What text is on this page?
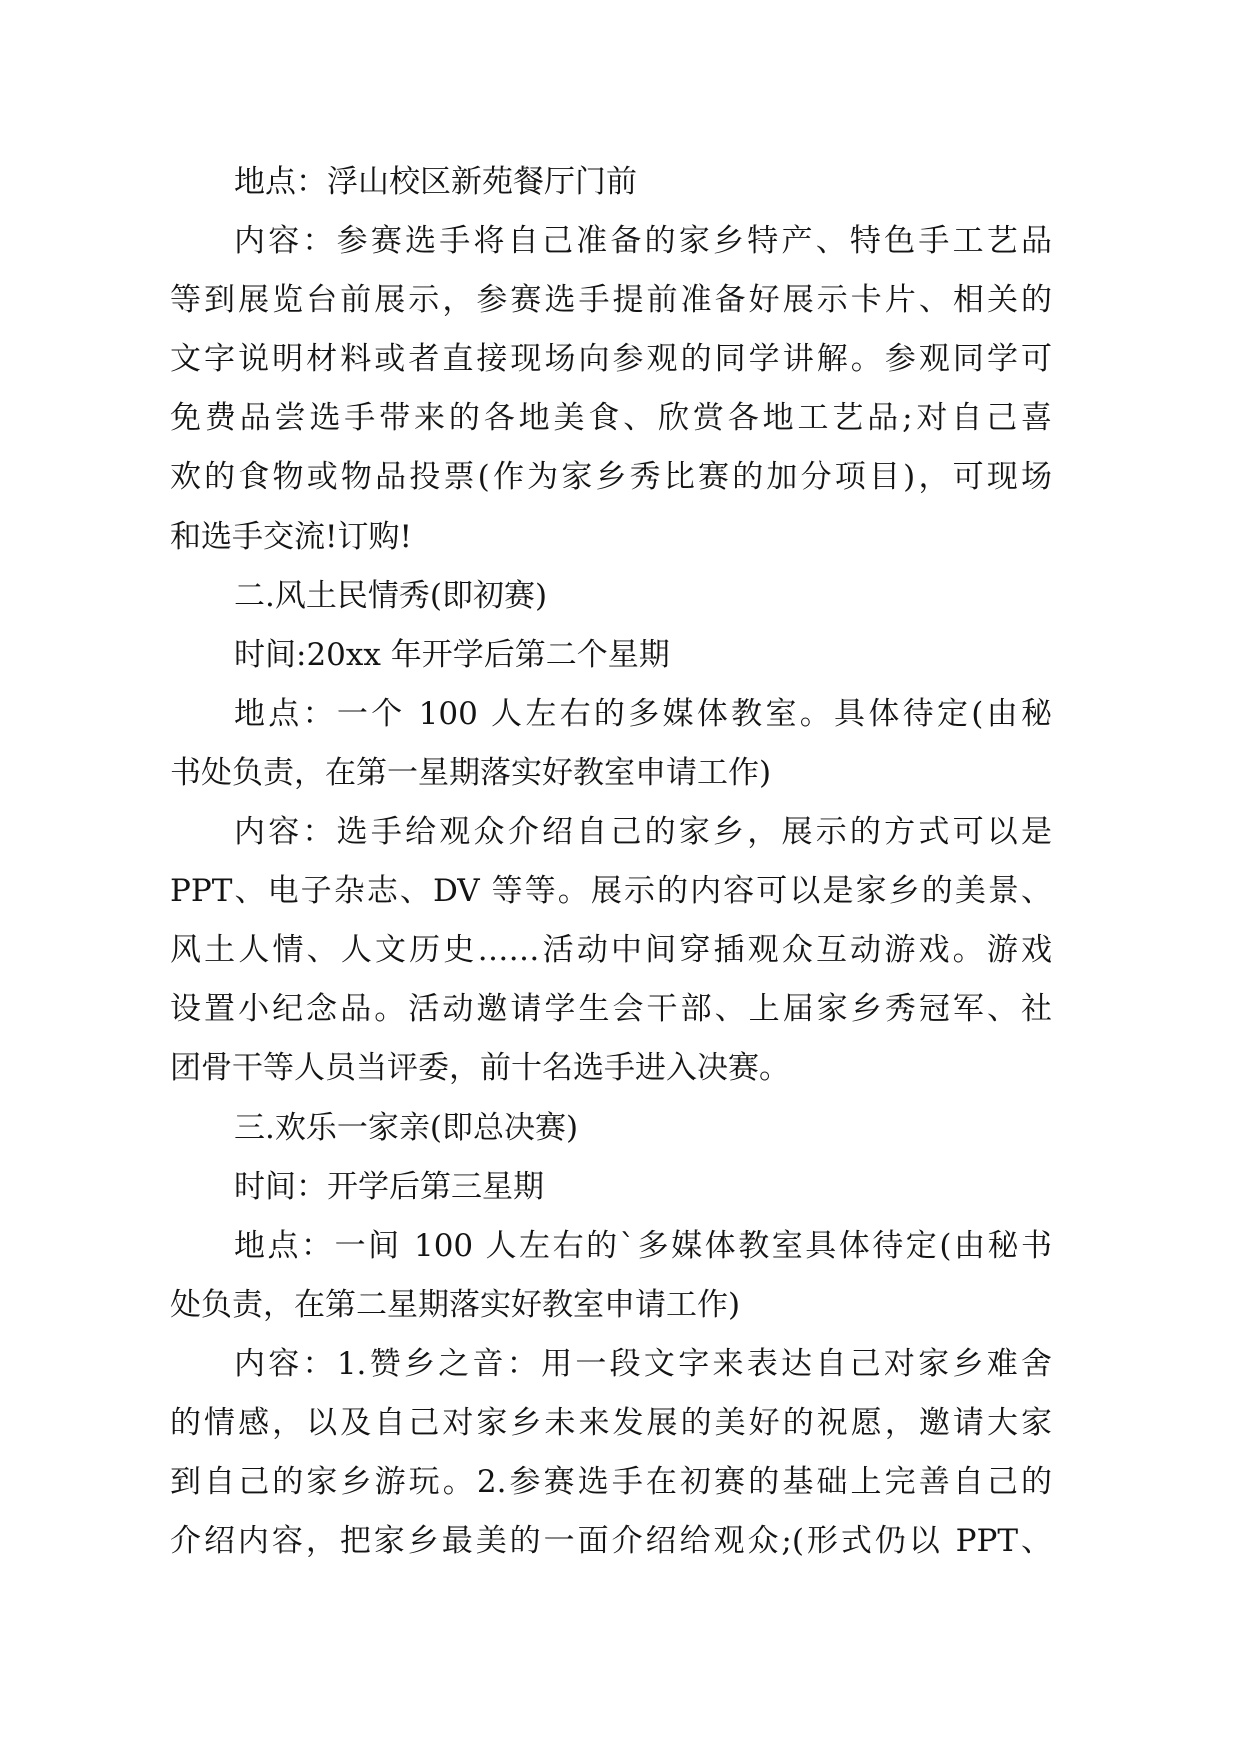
地点：浮山校区新苑餐厅门前
内容：参赛选手将自己准备的家乡特产、特色手工艺品
等到展览台前展示，参赛选手提前准备好展示卡片、相关的
文字说明材料或者直接现场向参观的同学讲解。参观同学可
免费品尝选手带来的各地美食、欣赏各地工艺品;对自己喜
欢的食物或物品投票(作为家乡秀比赛的加分项目)，可现场
和选手交流!订购!
二.风土民情秀(即初赛)
时间:20xx 年开学后第二个星期
地点：一个 100 人左右的多媒体教室。具体待定(由秘
书处负责，在第一星期落实好教室申请工作)
内容：选手给观众介绍自己的家乡，展示的方式可以是
PPT、电子杂志、DV 等等。展示的内容可以是家乡的美景、
风土人情、人文历史……活动中间穿插观众互动游戏。游戏
设置小纪念品。活动邀请学生会干部、上届家乡秀冠军、社
团骨干等人员当评委，前十名选手进入决赛。
三.欢乐一家亲(即总决赛)
时间：开学后第三星期
地点：一间 100 人左右的`多媒体教室具体待定(由秘书
处负责，在第二星期落实好教室申请工作)
内容：1.赞乡之音：用一段文字来表达自己对家乡难舍
的情感，以及自己对家乡未来发展的美好的祝愿，邀请大家
到自己的家乡游玩。2.参赛选手在初赛的基础上完善自己的
介绍内容，把家乡最美的一面介绍给观众;(形式仍以 PPT、
